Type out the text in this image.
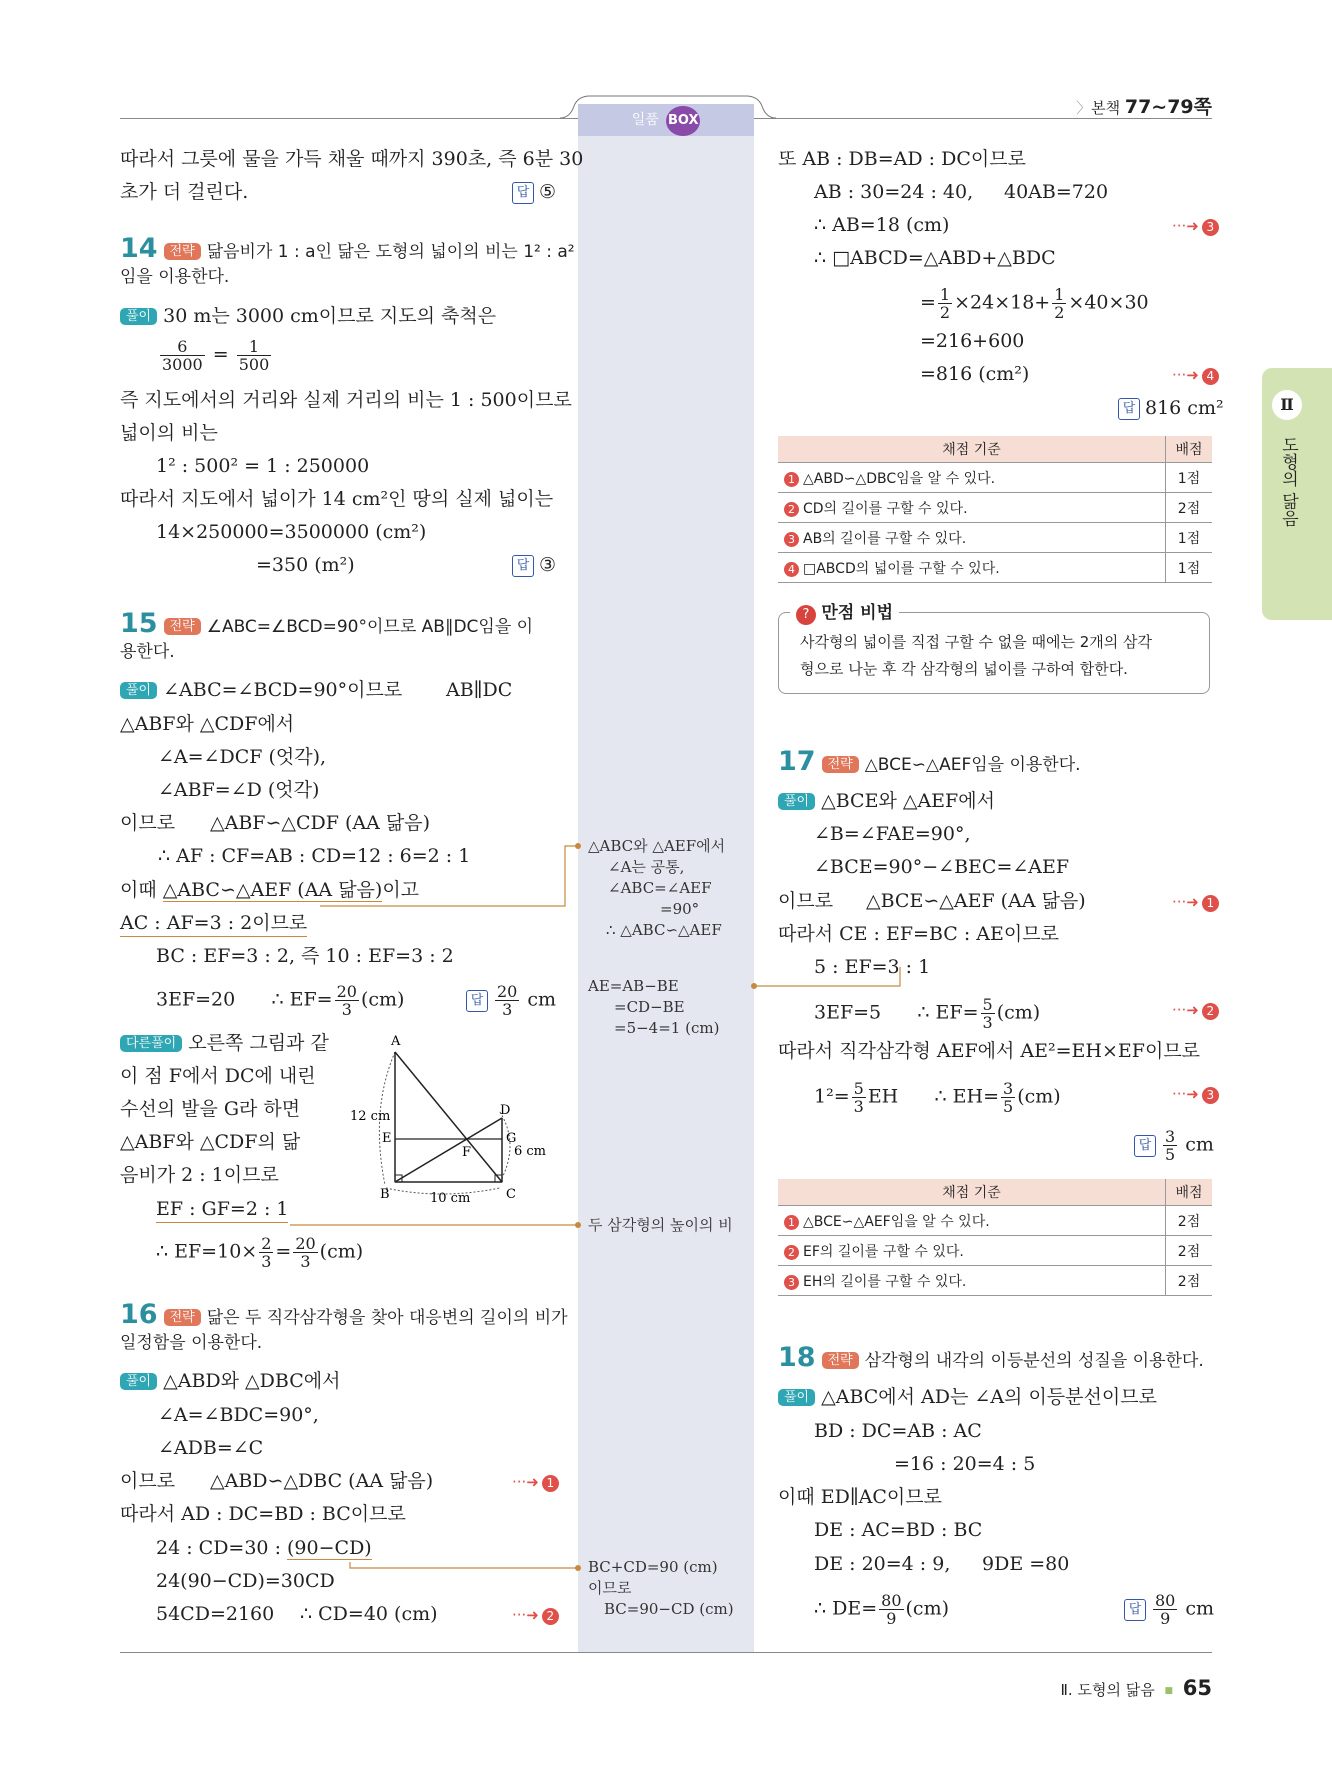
일품 BOX
〉본책 77~79쪽
Ⅱ
도형의 닮음
따라서 그릇에 물을 가득 채울 때까지 390초, 즉 6분 30
초가 더 걸린다.	답 ⑤
14 전략 닮음비가 1 : a인 닮은 도형의 넓이의 비는 1² : a²
임을 이용한다.
풀이 30 m는 3000 cm이므로 지도의 축척은
$\frac{6}{3000} = \frac{1}{500}$
즉 지도에서의 거리와 실제 거리의 비는 1 : 500이므로
넓이의 비는
1² : 500² = 1 : 250000
따라서 지도에서 넓이가 14 cm²인 땅의 실제 넓이는
14×250000=3500000 (cm²)
=350 (m²)	답 ③
15 전략 ∠ABC=∠BCD=90°이므로 AB∥DC임을 이
용한다.
풀이 ∠ABC=∠BCD=90°이므로 AB∥DC
△ABF와 △CDF에서
∠A=∠DCF (엇각),
∠ABF=∠D (엇각)
이므로 △ABF∽△CDF (AA 닮음)
∴ AF : CF=AB : CD=12 : 6=2 : 1
이때 △ABC∽△AEF (AA 닮음)이고
AC : AF=3 : 2이므로
BC : EF=3 : 2, 즉 10 : EF=3 : 2
3EF=20 ∴ $EF= \frac{20}{3} (cm)$	답 $\frac{20}{3}$ cm
다른풀이 오른쪽 그림과 같
이 점 F에서 DC에 내린
수선의 발을 G라 하면
△ABF와 △CDF의 닮
음비가 2 : 1이므로
EF : GF=2 : 1
∴ $EF=10\times \frac{2}{3} = \frac{20}{3} (cm)$
A
B	C
D
E
F
G
12 cm
10 cm
6 cm
16 전략 닮은 두 직각삼각형을 찾아 대응변의 길이의 비가
일정함을 이용한다.
풀이 △ABD와 △DBC에서
∠A=∠BDC=90°,
∠ADB=∠C
이므로 △ABD∽△DBC (AA 닮음)	···➜ 1
따라서 AD : DC=BD : BC이므로
24 : CD=30 : (90−CD)
24(90−CD)=30CD
54CD=2160 ∴ CD=40 (cm)	···➜ 2
△ABC와 △AEF에서
∠A는 공통,
∠ABC=∠AEF
=90°
∴ △ABC∽△AEF
AE=AB−BE
=CD−BE
=5−4=1 (cm)
두 삼각형의 높이의 비
BC+CD=90 (cm)
이므로
BC=90−CD (cm)
또 AB : DB=AD : DC이므로
AB : 30=24 : 40, 40AB=720
∴ AB=18 (cm)	···➜ 3
∴ □ABCD=△ABD+△BDC
= $\frac{1}{2} \times 24\times 18+ \frac{1}{2} \times 40\times 30$
=216+600
=816 (cm²)	···➜ 4
답 816 cm²
채점 기준	배점
1 △ABD∽△DBC임을 알 수 있다.	1점
2 CD의 길이를 구할 수 있다.	2점
3 AB의 길이를 구할 수 있다.	1점
4 □ABCD의 넓이를 구할 수 있다.	1점
? 만점 비법
사각형의 넓이를 직접 구할 수 없을 때에는 2개의 삼각
형으로 나눈 후 각 삼각형의 넓이를 구하여 합한다.
17 전략 △BCE∽△AEF임을 이용한다.
풀이 △BCE와 △AEF에서
∠B=∠FAE=90°,
∠BCE=90°−∠BEC=∠AEF
이므로 △BCE∽△AEF (AA 닮음)	···➜ 1
따라서 CE : EF=BC : AE이므로
5 : EF=3 : 1
3EF=5 ∴ $EF= \frac{5}{3} (cm)$	···➜ 2
따라서 직각삼각형 AEF에서 AE²=EH×EF이므로
$1^2= \frac{5}{3}$ EH ∴ $EH= \frac{3}{5} (cm)$	···➜ 3
답 $\frac{3}{5}$ cm
채점 기준	배점
1 △BCE∽△AEF임을 알 수 있다.	2점
2 EF의 길이를 구할 수 있다.	2점
3 EH의 길이를 구할 수 있다.	2점
18 전략 삼각형의 내각의 이등분선의 성질을 이용한다.
풀이 △ABC에서 AD는 ∠A의 이등분선이므로
BD : DC=AB : AC
=16 : 20=4 : 5
이때 ED∥AC이므로
DE : AC=BD : BC
DE : 20=4 : 9, 9DE =80
∴ $DE= \frac{80}{9} (cm)$	답 $\frac{80}{9}$ cm
Ⅱ. 도형의 닮음 ■ 65
